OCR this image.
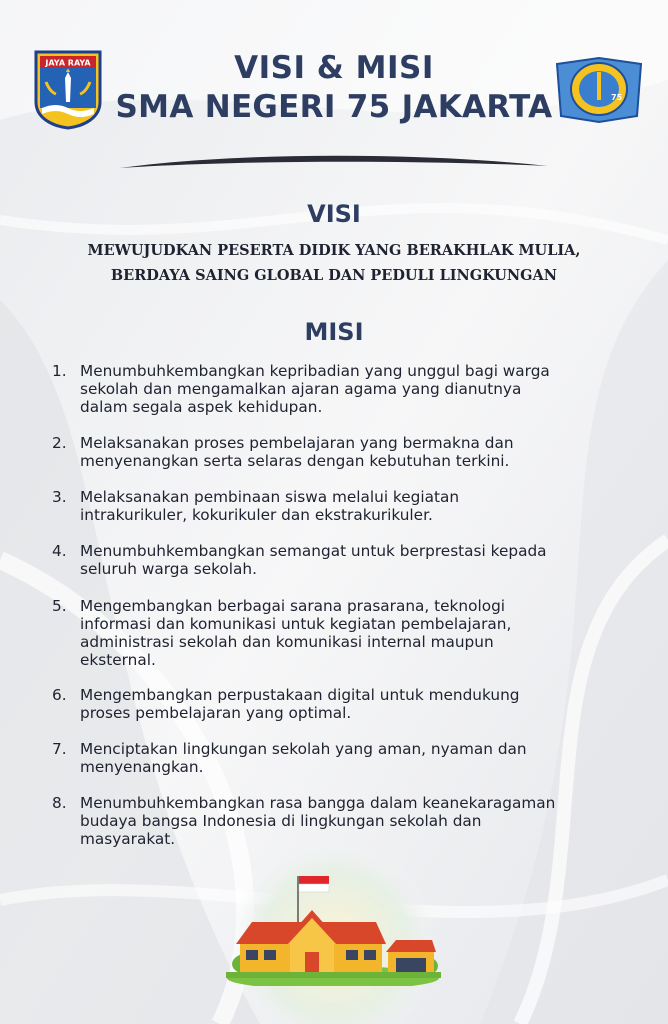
JAYA RAYA
75
VISI & MISI
SMA NEGERI 75 JAKARTA
VISI
MEWUJUDKAN PESERTA DIDIK YANG BERAKHLAK MULIA,
BERDAYA SAING GLOBAL DAN PEDULI LINGKUNGAN
MISI
1. Menumbuhkembangkan kepribadian yang unggul bagi warga
sekolah dan mengamalkan ajaran agama yang dianutnya
dalam segala aspek kehidupan.
2. Melaksanakan proses pembelajaran yang bermakna dan
menyenangkan serta selaras dengan kebutuhan terkini.
3. Melaksanakan pembinaan siswa melalui kegiatan
intrakurikuler, kokurikuler dan ekstrakurikuler.
4. Menumbuhkembangkan semangat untuk berprestasi kepada
seluruh warga sekolah.
5. Mengembangkan berbagai sarana prasarana, teknologi
informasi dan komunikasi untuk kegiatan pembelajaran,
administrasi sekolah dan komunikasi internal maupun
eksternal.
6. Mengembangkan perpustakaan digital untuk mendukung
proses pembelajaran yang optimal.
7. Menciptakan lingkungan sekolah yang aman, nyaman dan
menyenangkan.
8. Menumbuhkembangkan rasa bangga dalam keanekaragaman
budaya bangsa Indonesia di lingkungan sekolah dan
masyarakat.
